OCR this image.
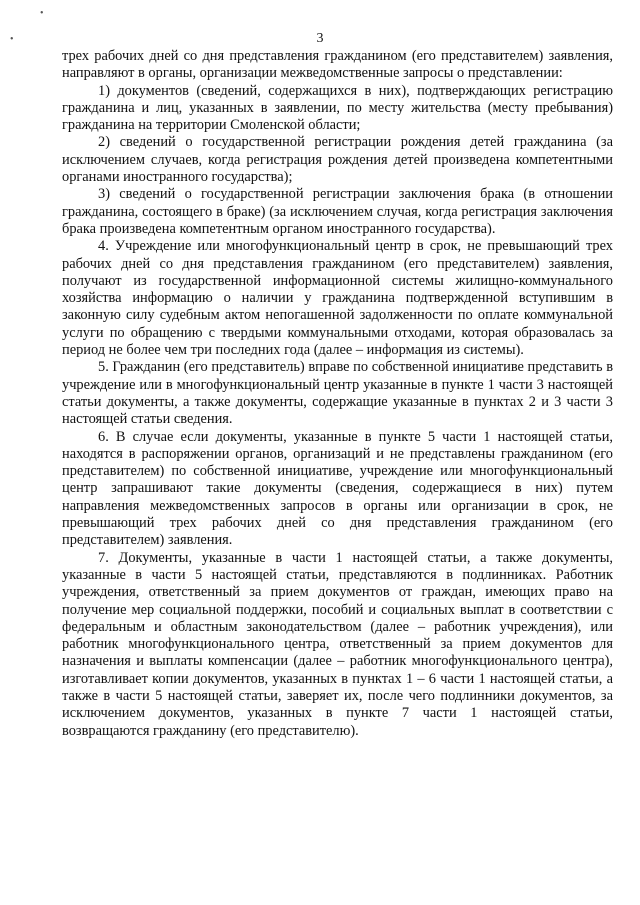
•
•	3

трех рабочих дней со дня представления гражданином (его представителем) заявления, направляют в органы, организации межведомственные запросы о представлении:

1) документов (сведений, содержащихся в них), подтверждающих регистрацию гражданина и лиц, указанных в заявлении, по месту жительства (месту пребывания) гражданина на территории Смоленской области;

2) сведений о государственной регистрации рождения детей гражданина (за исключением случаев, когда регистрация рождения детей произведена компетентными органами иностранного государства);

3) сведений о государственной регистрации заключения брака (в отношении гражданина, состоящего в браке) (за исключением случая, когда регистрация заключения брака произведена компетентным органом иностранного государства).

4. Учреждение или многофункциональный центр в срок, не превышающий трех рабочих дней со дня представления гражданином (его представителем) заявления, получают из государственной информационной системы жилищно-коммунального хозяйства информацию о наличии у гражданина подтвержденной вступившим в законную силу судебным актом непогашенной задолженности по оплате коммунальной услуги по обращению с твердыми коммунальными отходами, которая образовалась за период не более чем три последних года (далее – информация из системы).

5. Гражданин (его представитель) вправе по собственной инициативе представить в учреждение или в многофункциональный центр указанные в пункте 1 части 3 настоящей статьи документы, а также документы, содержащие указанные в пунктах 2 и 3 части 3 настоящей статьи сведения.

6. В случае если документы, указанные в пункте 5 части 1 настоящей статьи, находятся в распоряжении органов, организаций и не представлены гражданином (его представителем) по собственной инициативе, учреждение или многофункциональный центр запрашивают такие документы (сведения, содержащиеся в них) путем направления межведомственных запросов в органы или организации в срок, не превышающий трех рабочих дней со дня представления гражданином (его представителем) заявления.

7. Документы, указанные в части 1 настоящей статьи, а также документы, указанные в части 5 настоящей статьи, представляются в подлинниках. Работник учреждения, ответственный за прием документов от граждан, имеющих право на получение мер социальной поддержки, пособий и социальных выплат в соответствии с федеральным и областным законодательством (далее – работник учреждения), или работник многофункционального центра, ответственный за прием документов для назначения и выплаты компенсации (далее – работник многофункционального центра), изготавливает копии документов, указанных в пунктах 1 – 6 части 1 настоящей статьи, а также в части 5 настоящей статьи, заверяет их, после чего подлинники документов, за исключением документов, указанных в пункте 7 части 1 настоящей статьи, возвращаются гражданину (его представителю).
